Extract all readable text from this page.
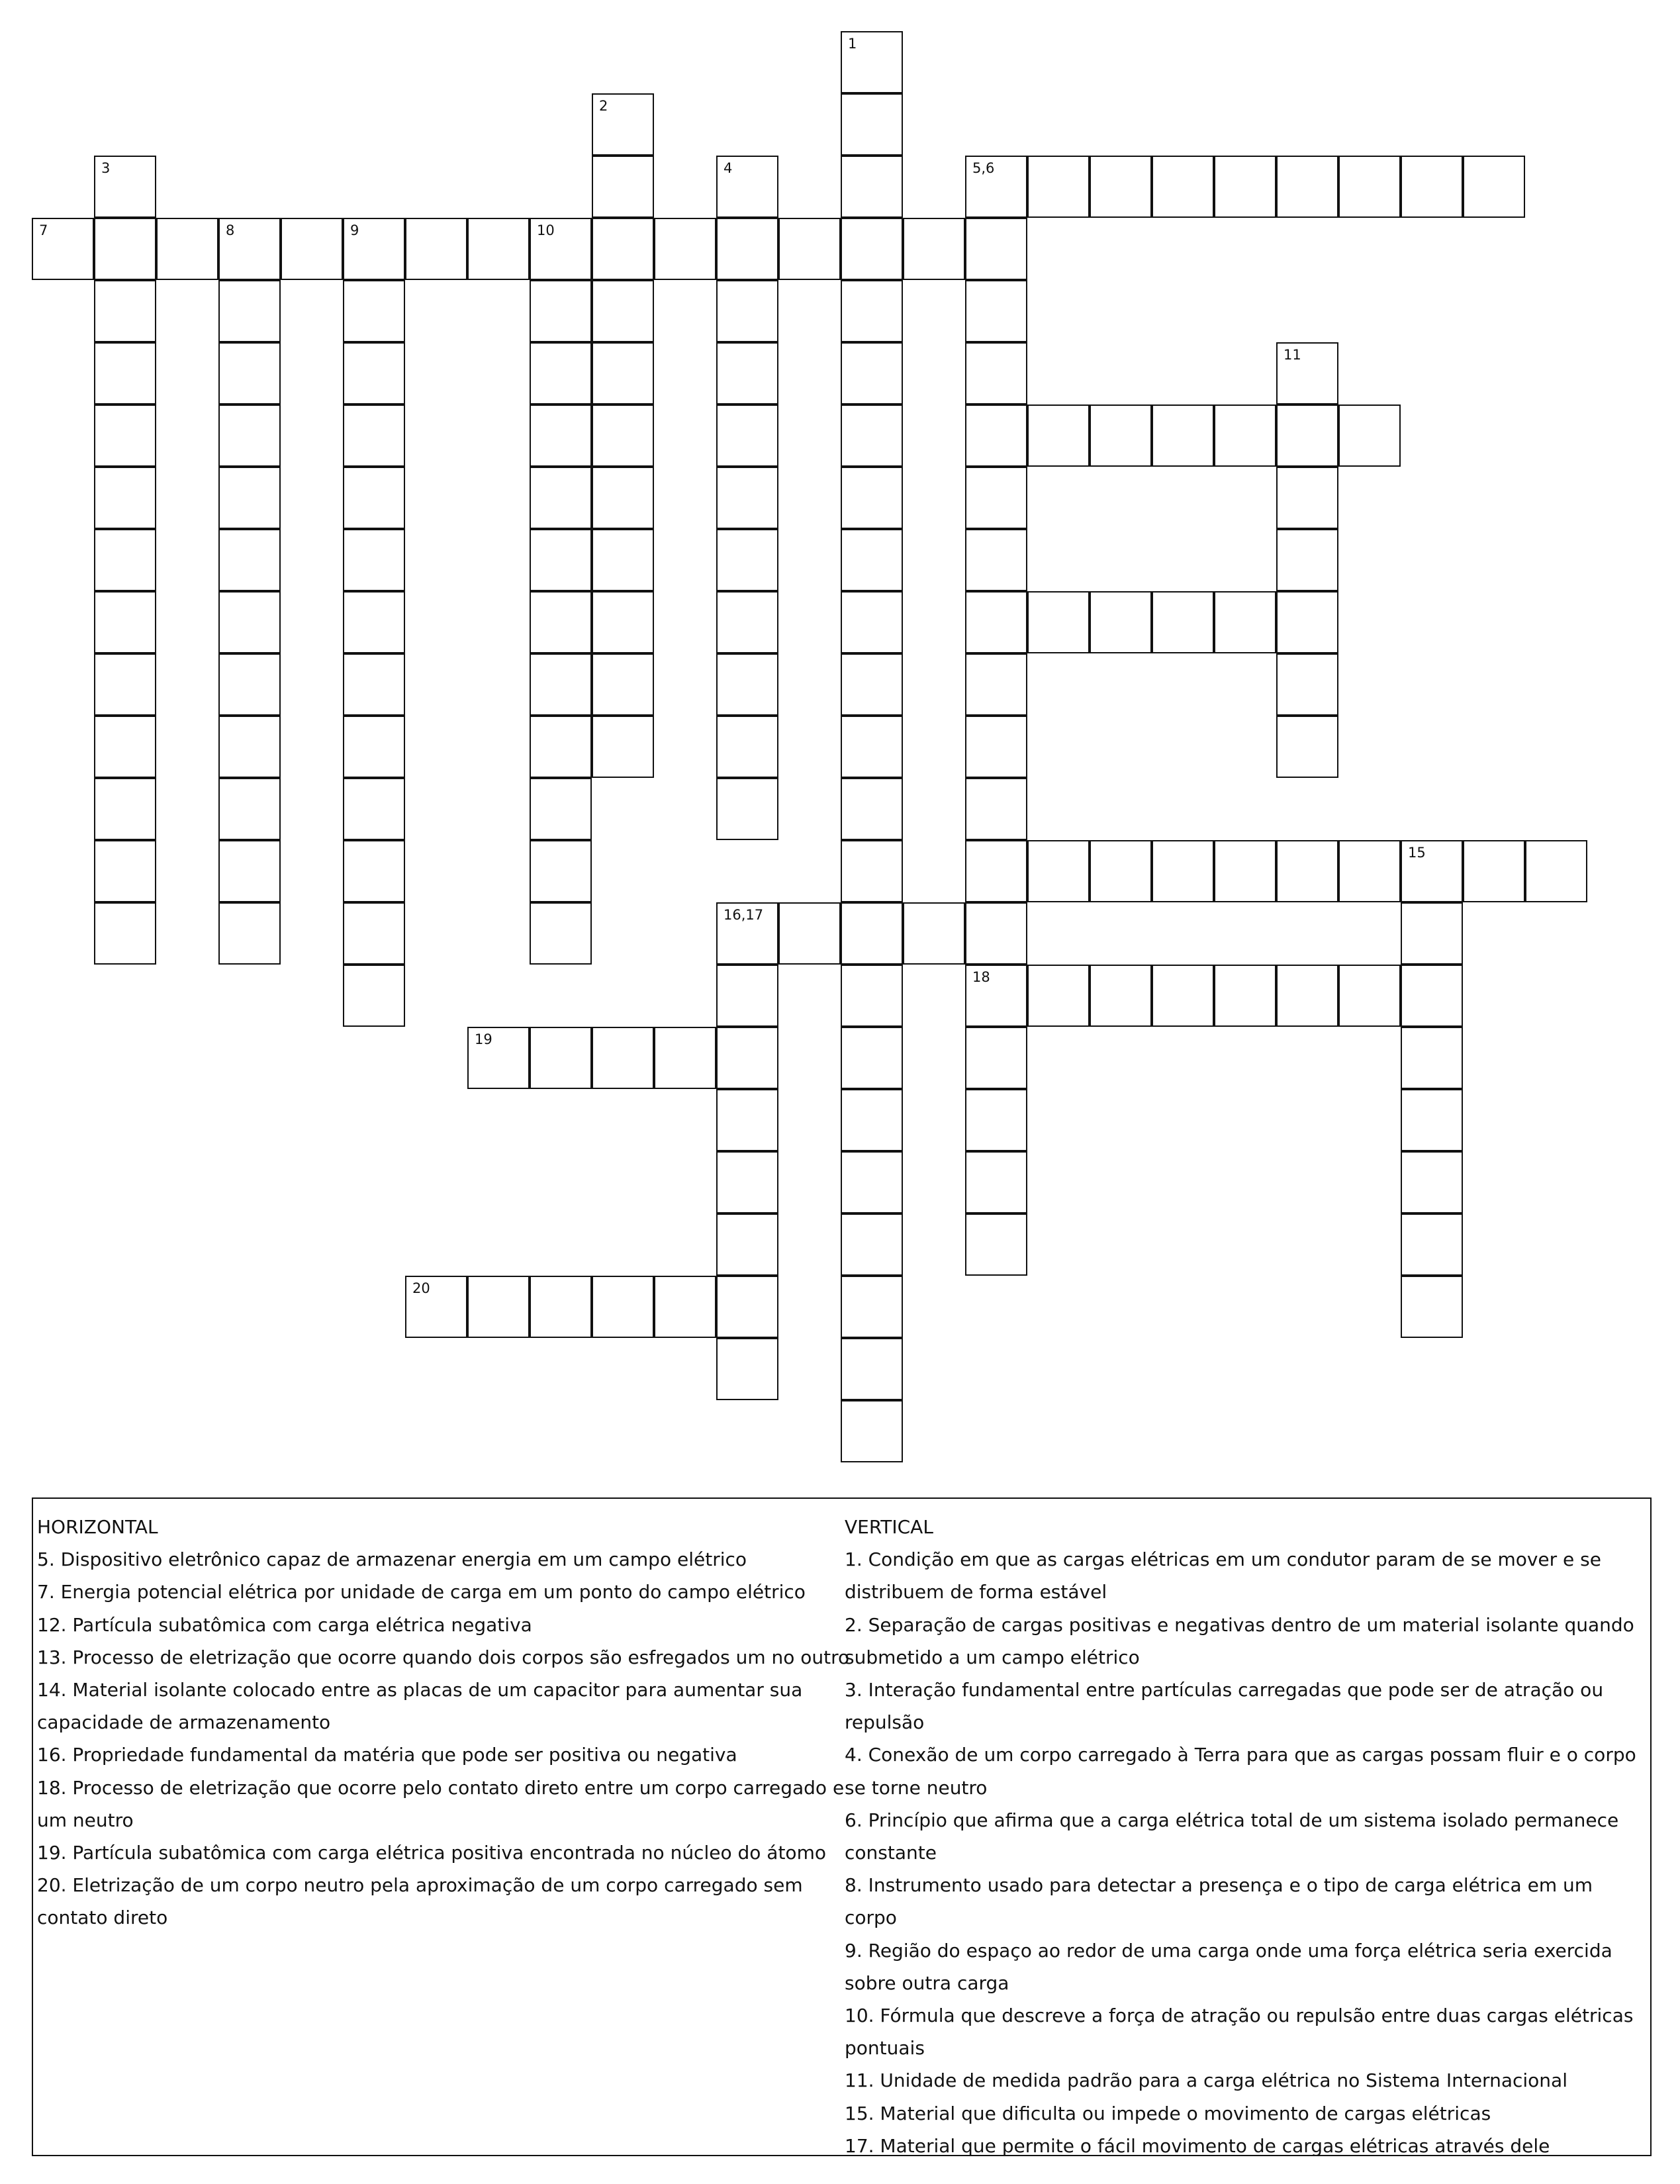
1
2
3	4	5,6
7	8	9	10
11
15
16,17
18
19
20

HORIZONTAL

5. Dispositivo eletrônico capaz de armazenar energia em um campo elétrico

7. Energia potencial elétrica por unidade de carga em um ponto do campo elétrico

12. Partícula subatômica com carga elétrica negativa

13. Processo de eletrização que ocorre quando dois corpos são esfregados um no outro

14. Material isolante colocado entre as placas de um capacitor para aumentar sua capacidade de armazenamento

16. Propriedade fundamental da matéria que pode ser positiva ou negativa

18. Processo de eletrização que ocorre pelo contato direto entre um corpo carregado e um neutro

19. Partícula subatômica com carga elétrica positiva encontrada no núcleo do átomo

20. Eletrização de um corpo neutro pela aproximação de um corpo carregado sem contato direto

VERTICAL

1. Condição em que as cargas elétricas em um condutor param de se mover e se distribuem de forma estável

2. Separação de cargas positivas e negativas dentro de um material isolante quando submetido a um campo elétrico

3. Interação fundamental entre partículas carregadas que pode ser de atração ou repulsão

4. Conexão de um corpo carregado à Terra para que as cargas possam fluir e o corpo se torne neutro

6. Princípio que afirma que a carga elétrica total de um sistema isolado permanece constante

8. Instrumento usado para detectar a presença e o tipo de carga elétrica em um corpo

9. Região do espaço ao redor de uma carga onde uma força elétrica seria exercida sobre outra carga

10. Fórmula que descreve a força de atração ou repulsão entre duas cargas elétricas pontuais

11. Unidade de medida padrão para a carga elétrica no Sistema Internacional

15. Material que dificulta ou impede o movimento de cargas elétricas

17. Material que permite o fácil movimento de cargas elétricas através dele
